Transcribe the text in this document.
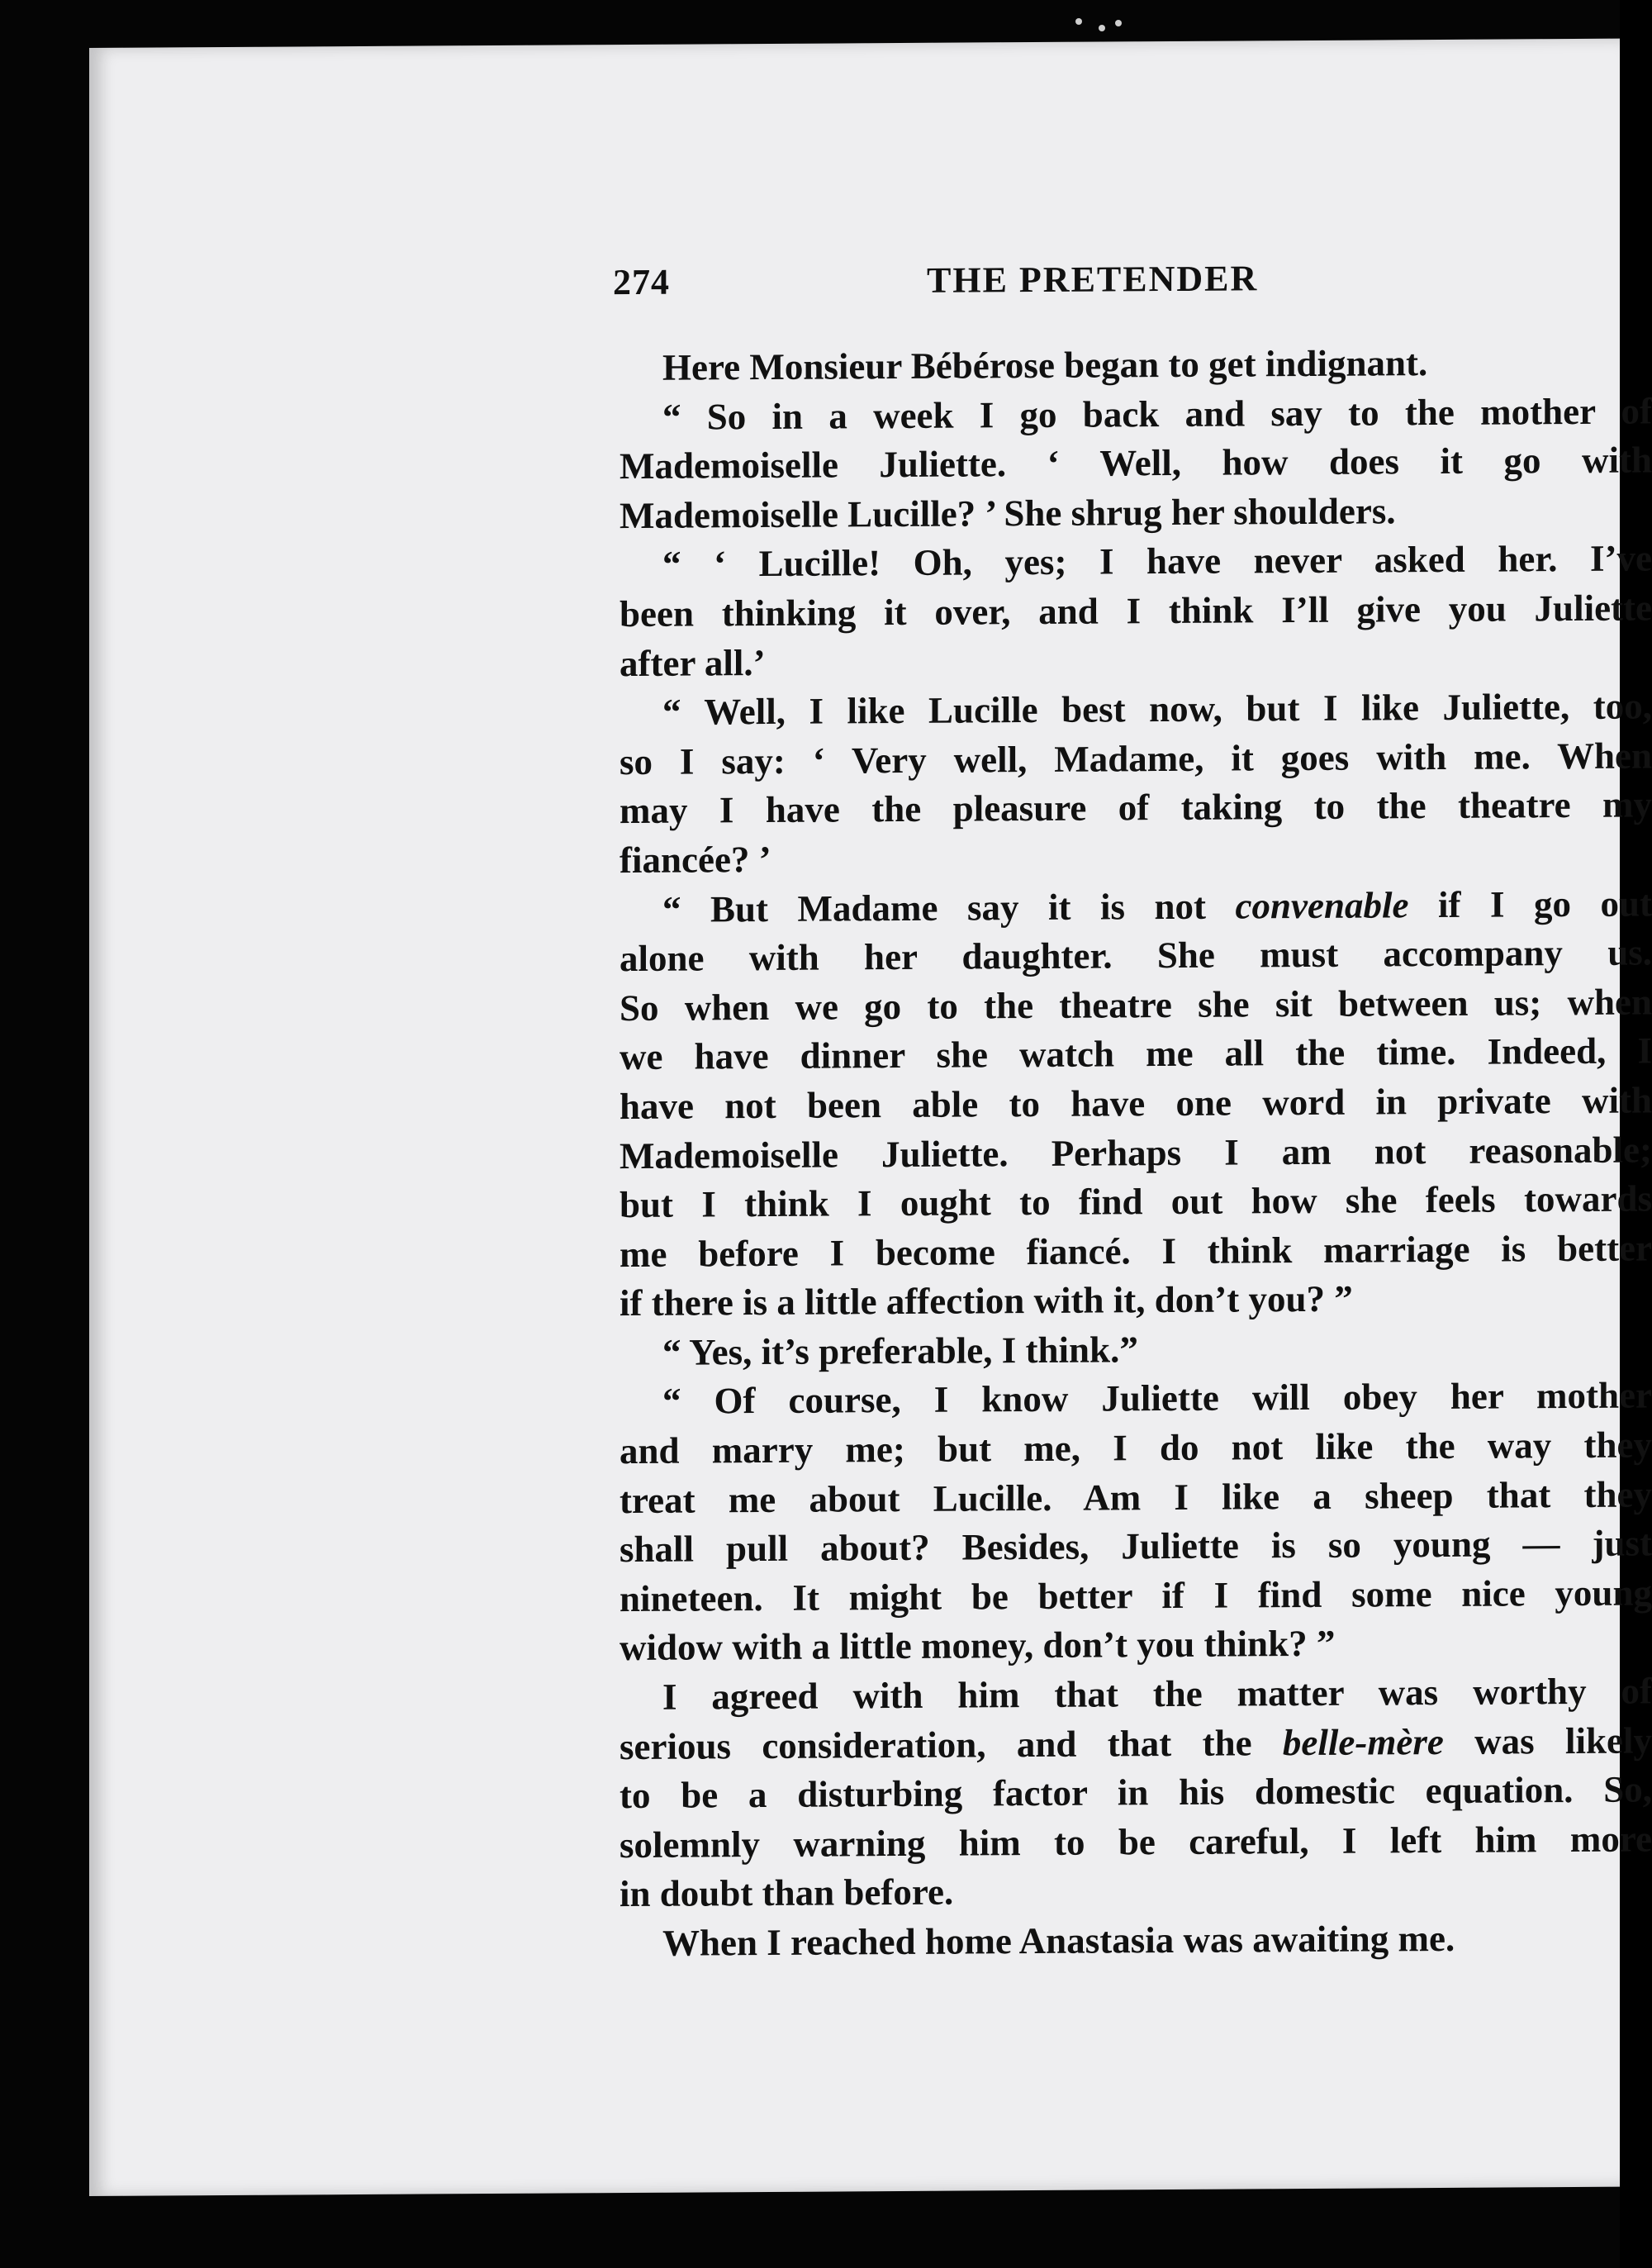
274	THE PRETENDER
Here Monsieur Bébérose began to get indignant.
“ So in a week I go back and say to the mother of
Mademoiselle Juliette. ‘ Well, how does it go with
Mademoiselle Lucille? ’ She shrug her shoulders.
“ ‘ Lucille! Oh, yes; I have never asked her. I’ve
been thinking it over, and I think I’ll give you Juliette
after all.’
“ Well, I like Lucille best now, but I like Juliette, too,
so I say: ‘ Very well, Madame, it goes with me. When
may I have the pleasure of taking to the theatre my
fiancée? ’
“ But Madame say it is not convenable if I go out
alone with her daughter. She must accompany us.
So when we go to the theatre she sit between us; when
we have dinner she watch me all the time. Indeed, I
have not been able to have one word in private with
Mademoiselle Juliette. Perhaps I am not reasonable;
but I think I ought to find out how she feels towards
me before I become fiancé. I think marriage is better
if there is a little affection with it, don’t you? ”
“ Yes, it’s preferable, I think.”
“ Of course, I know Juliette will obey her mother
and marry me; but me, I do not like the way they
treat me about Lucille. Am I like a sheep that they
shall pull about? Besides, Juliette is so young — just
nineteen. It might be better if I find some nice young
widow with a little money, don’t you think? ”
I agreed with him that the matter was worthy of
serious consideration, and that the belle-mère was likely
to be a disturbing factor in his domestic equation. So,
solemnly warning him to be careful, I left him more
in doubt than before.
When I reached home Anastasia was awaiting me.
